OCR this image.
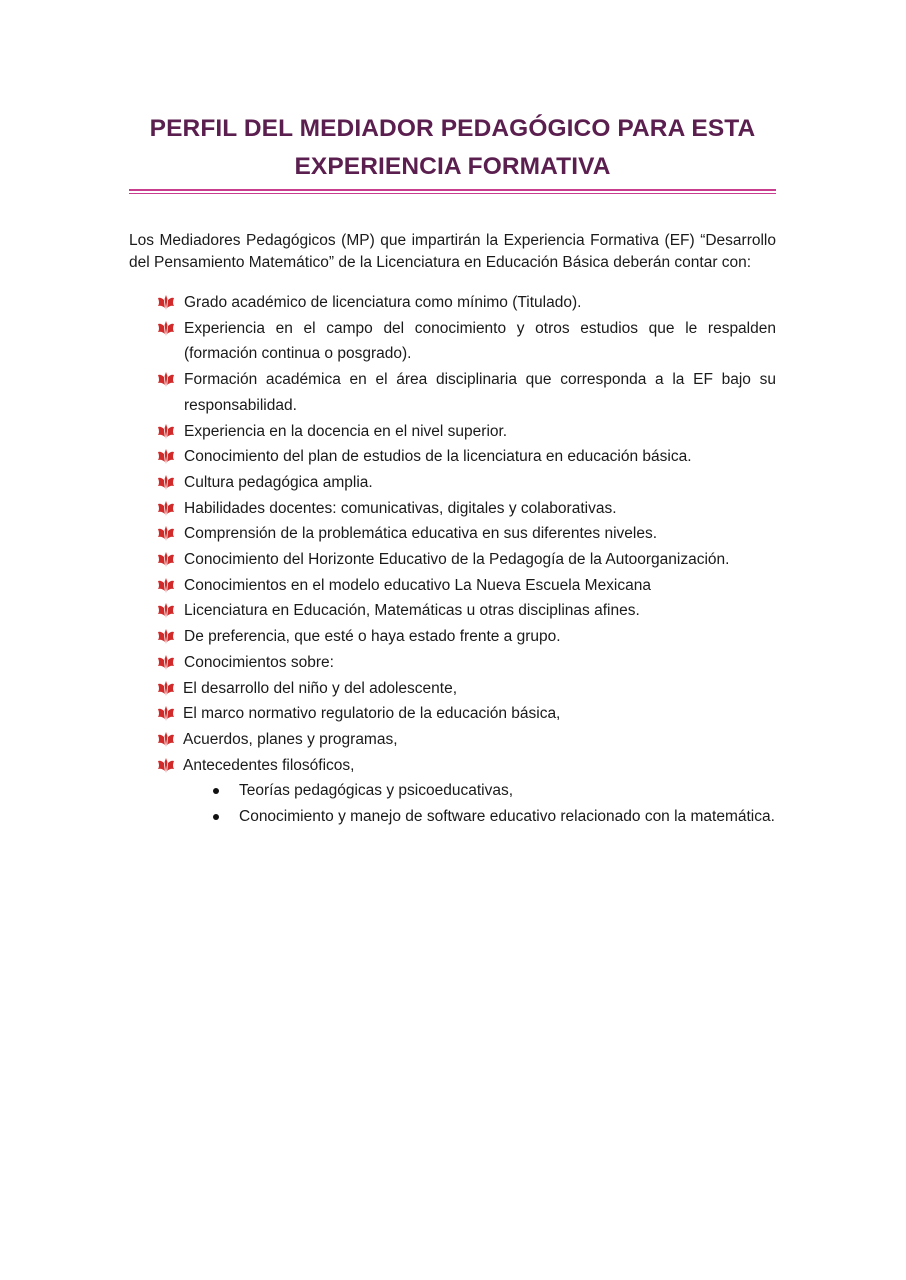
PERFIL DEL MEDIADOR PEDAGÓGICO PARA ESTA
EXPERIENCIA FORMATIVA

Los Mediadores Pedagógicos (MP) que impartirán la Experiencia Formativa (EF) “Desarrollo del Pensamiento Matemático” de la Licenciatura en Educación Básica deberán contar con:

Grado académico de licenciatura como mínimo (Titulado).
Experiencia en el campo del conocimiento y otros estudios que le respalden (formación continua o posgrado).
Formación académica en el área disciplinaria que corresponda a la EF bajo su responsabilidad.
Experiencia en la docencia en el nivel superior.
Conocimiento del plan de estudios de la licenciatura en educación básica.
Cultura pedagógica amplia.
Habilidades docentes: comunicativas, digitales y colaborativas.
Comprensión de la problemática educativa en sus diferentes niveles.
Conocimiento del Horizonte Educativo de la Pedagogía de la Autoorganización.
Conocimientos en el modelo educativo La Nueva Escuela Mexicana
Licenciatura en Educación, Matemáticas u otras disciplinas afines.
De preferencia, que esté o haya estado frente a grupo.
Conocimientos sobre:
El desarrollo del niño y del adolescente,
El marco normativo regulatorio de la educación básica,
Acuerdos, planes y programas,
Antecedentes filosóficos,
Teorías pedagógicas y psicoeducativas,
Conocimiento y manejo de software educativo relacionado con la matemática.
